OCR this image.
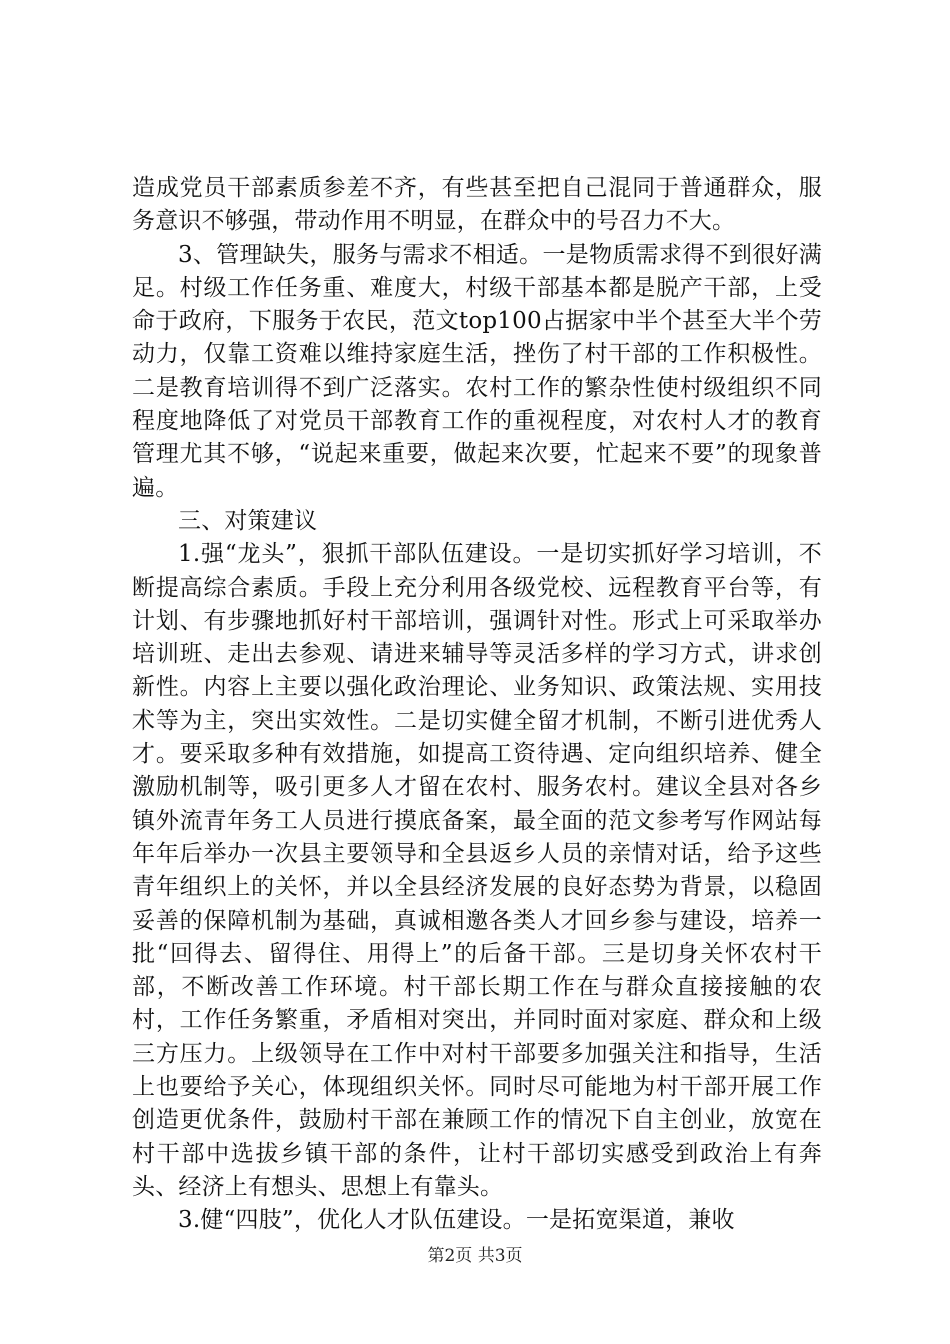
造成党员干部素质参差不齐，有些甚至把自己混同于普通群众，服务意识不够强，带动作用不明显，在群众中的号召力不大。

3、管理缺失，服务与需求不相适。一是物质需求得不到很好满足。村级工作任务重、难度大，村级干部基本都是脱产干部，上受命于政府，下服务于农民，范文top100占据家中半个甚至大半个劳动力，仅靠工资难以维持家庭生活，挫伤了村干部的工作积极性。二是教育培训得不到广泛落实。农村工作的繁杂性使村级组织不同程度地降低了对党员干部教育工作的重视程度，对农村人才的教育管理尤其不够，“说起来重要，做起来次要，忙起来不要”的现象普遍。

三、对策建议

1.强“龙头”，狠抓干部队伍建设。一是切实抓好学习培训，不断提高综合素质。手段上充分利用各级党校、远程教育平台等，有计划、有步骤地抓好村干部培训，强调针对性。形式上可采取举办培训班、走出去参观、请进来辅导等灵活多样的学习方式，讲求创新性。内容上主要以强化政治理论、业务知识、政策法规、实用技术等为主，突出实效性。二是切实健全留才机制，不断引进优秀人才。要采取多种有效措施，如提高工资待遇、定向组织培养、健全激励机制等，吸引更多人才留在农村、服务农村。建议全县对各乡镇外流青年务工人员进行摸底备案，最全面的范文参考写作网站每年年后举办一次县主要领导和全县返乡人员的亲情对话，给予这些青年组织上的关怀，并以全县经济发展的良好态势为背景，以稳固妥善的保障机制为基础，真诚相邀各类人才回乡参与建设，培养一批“回得去、留得住、用得上”的后备干部。三是切身关怀农村干部，不断改善工作环境。村干部长期工作在与群众直接接触的农村，工作任务繁重，矛盾相对突出，并同时面对家庭、群众和上级三方压力。上级领导在工作中对村干部要多加强关注和指导，生活上也要给予关心，体现组织关怀。同时尽可能地为村干部开展工作创造更优条件，鼓励村干部在兼顾工作的情况下自主创业，放宽在村干部中选拔乡镇干部的条件，让村干部切实感受到政治上有奔头、经济上有想头、思想上有靠头。

3.健“四肢”，优化人才队伍建设。一是拓宽渠道，兼收

第2页 共3页
